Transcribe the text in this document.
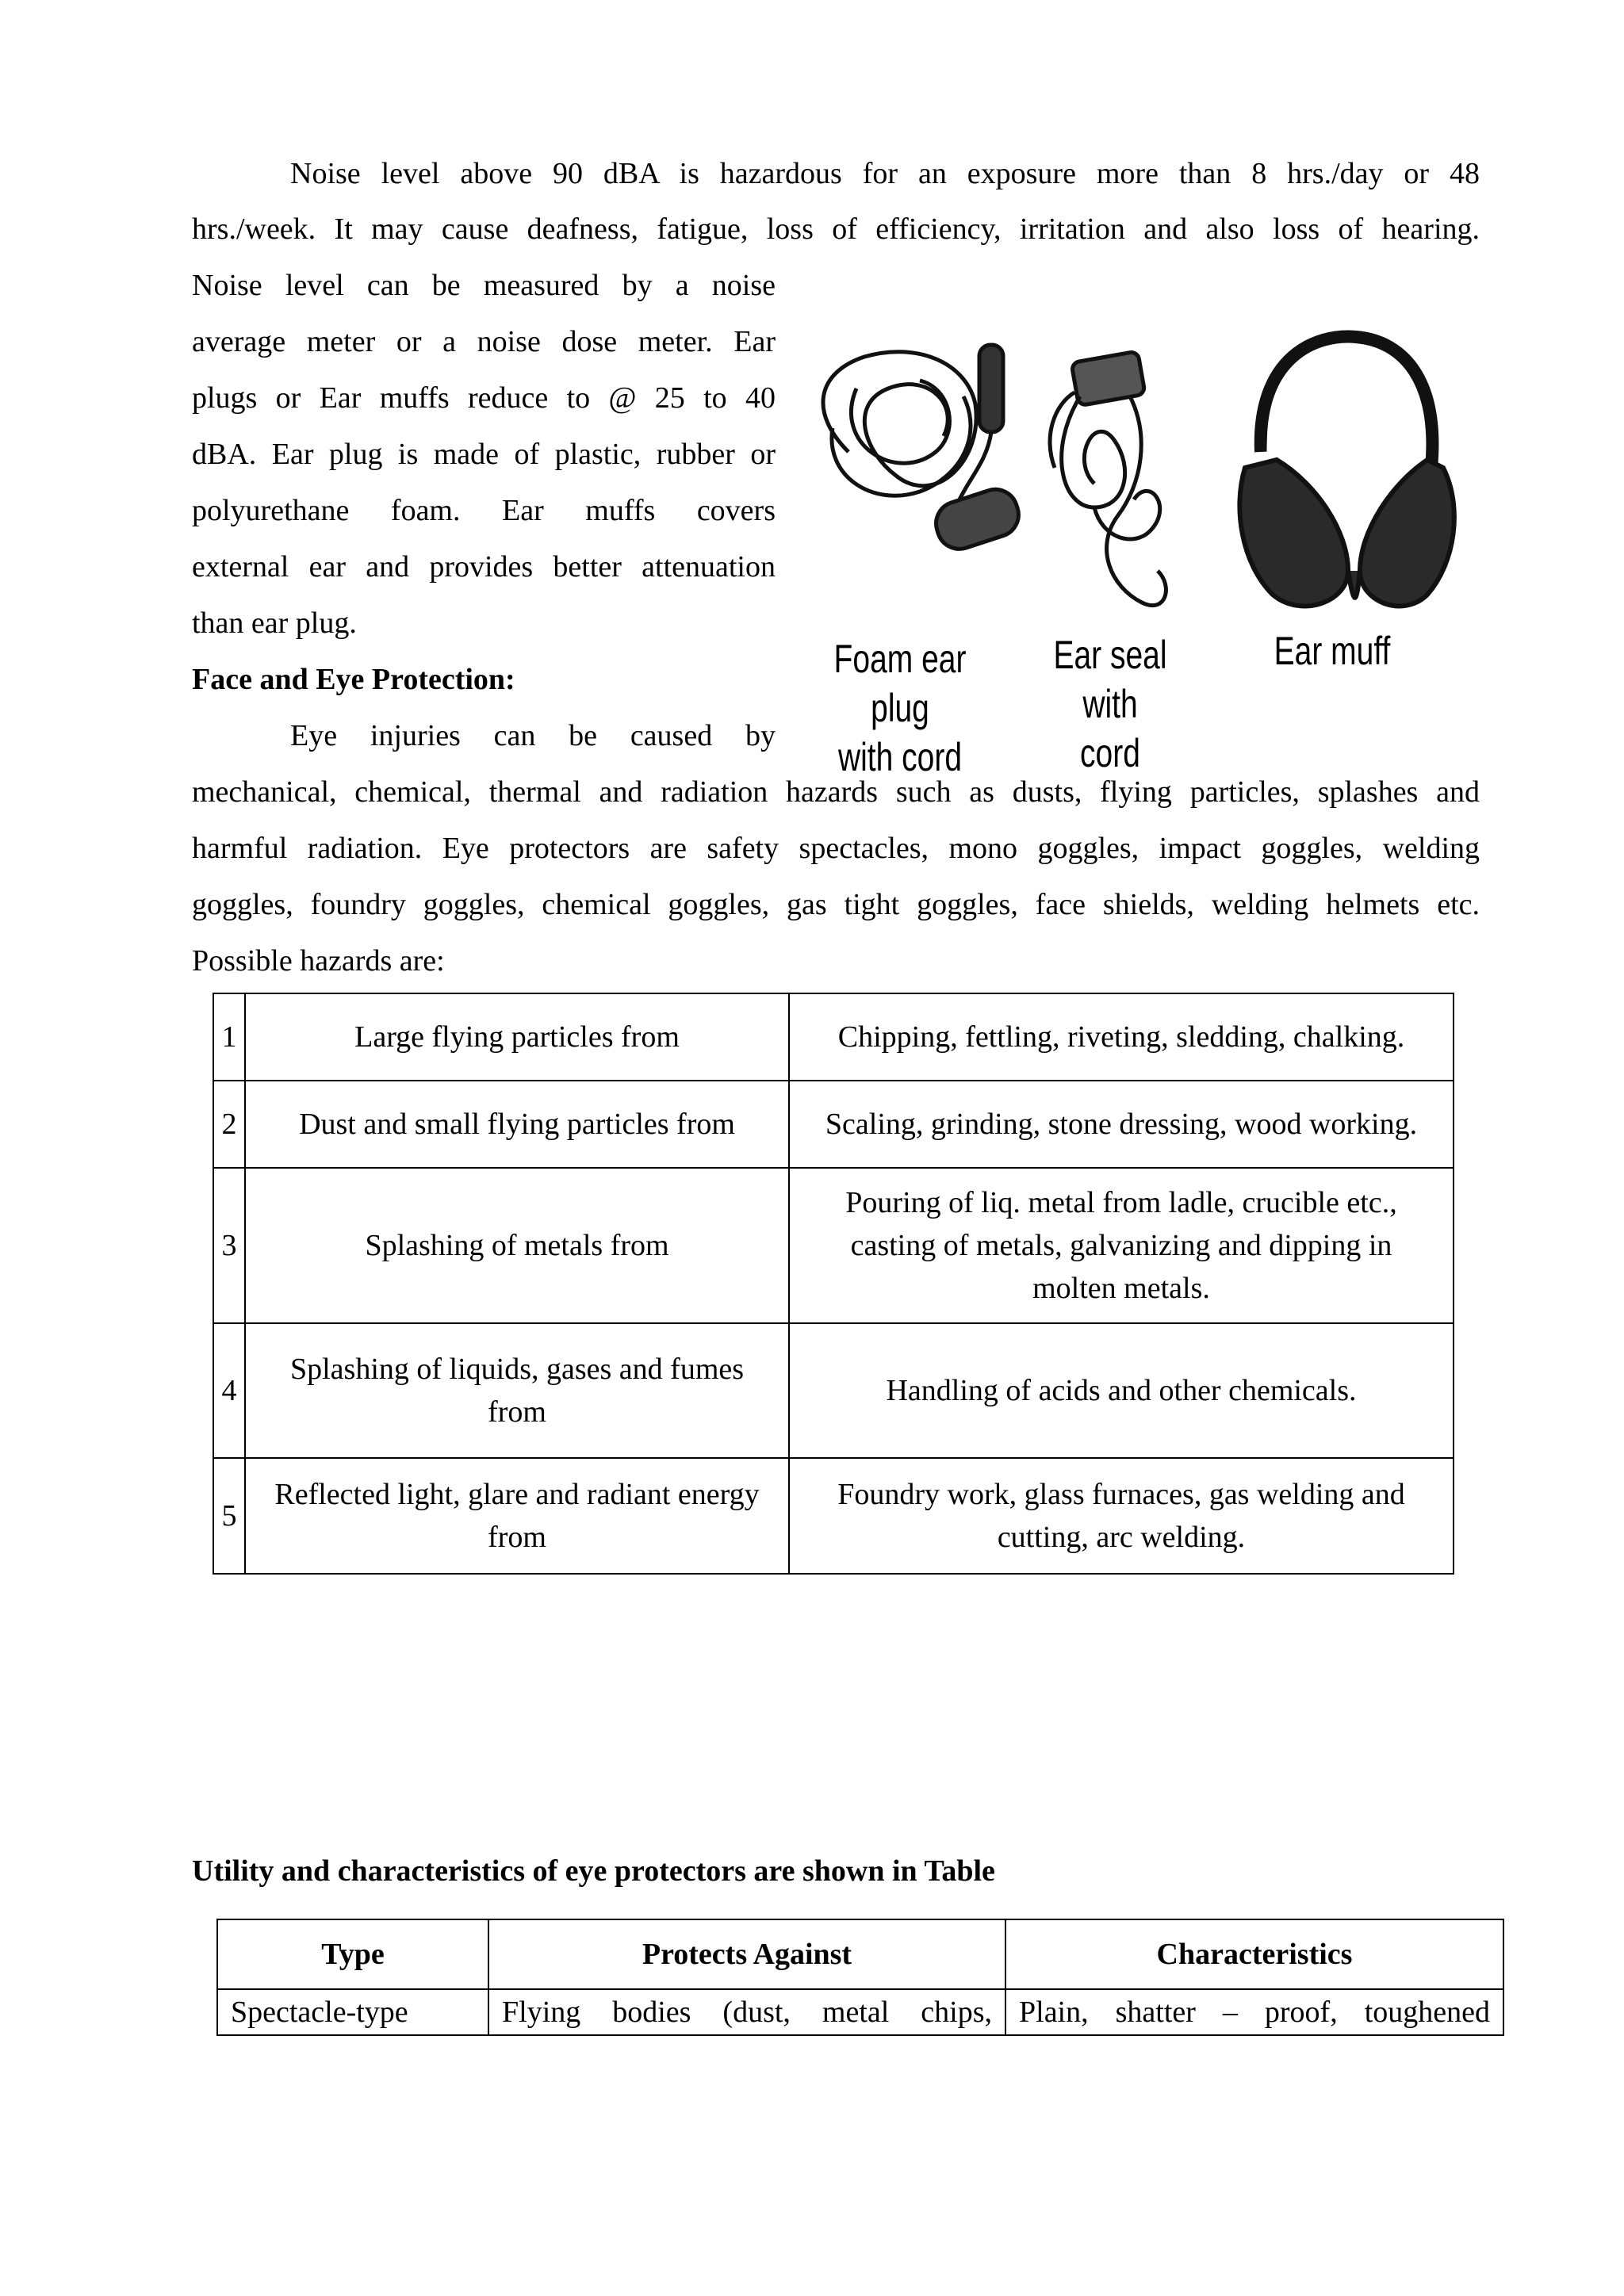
Noise level above 90 dBA is hazardous for an exposure more than 8 hrs./day or 48
hrs./week. It may cause deafness, fatigue, loss of efficiency, irritation and also loss of hearing.
Noise level can be measured by a noise
average meter or a noise dose meter. Ear
plugs or Ear muffs reduce to @ 25 to 40
dBA. Ear plug is made of plastic, rubber or
polyurethane foam. Ear muffs covers
external ear and provides better attenuation
than ear plug.
Foam ear plug
with cord
Ear seal
with cord
Ear muff
Face and Eye Protection:
Eye injuries can be caused by
mechanical, chemical, thermal and radiation hazards such as dusts, flying particles, splashes and
harmful radiation. Eye protectors are safety spectacles, mono goggles, impact goggles, welding
goggles, foundry goggles, chemical goggles, gas tight goggles, face shields, welding helmets etc.
Possible hazards are:
1	Large flying particles from	Chipping, fettling, riveting, sledding, chalking.
2	Dust and small flying particles from	Scaling, grinding, stone dressing, wood working.
3	Splashing of metals from	Pouring of liq. metal from ladle, crucible etc., casting of metals, galvanizing and dipping in molten metals.
4	Splashing of liquids, gases and fumes from	Handling of acids and other chemicals.
5	Reflected light, glare and radiant energy from	Foundry work, glass furnaces, gas welding and cutting, arc welding.
Utility and characteristics of eye protectors are shown in Table
Type	Protects Against	Characteristics
Spectacle-type	Flying bodies (dust, metal chips,	Plain, shatter – proof, toughened
